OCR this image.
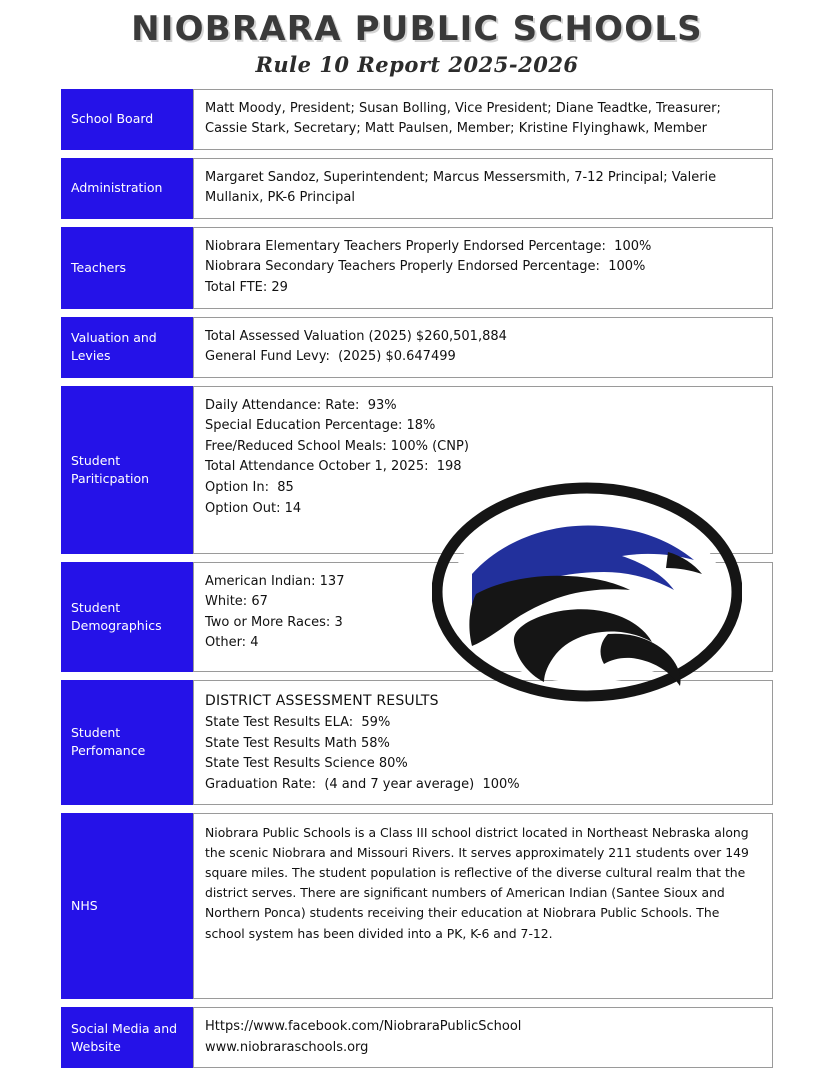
NIOBRARA PUBLIC SCHOOLS
Rule 10 Report 2025-2026
School Board

Matt Moody, President; Susan Bolling, Vice President; Diane Teadtke, Treasurer; Cassie Stark, Secretary; Matt Paulsen, Member; Kristine Flyinghawk, Member

Administration

Margaret Sandoz, Superintendent; Marcus Messersmith, 7-12 Principal; Valerie Mullanix, PK-6 Principal

Teachers
Niobrara Elementary Teachers Properly Endorsed Percentage:  100%
Niobrara Secondary Teachers Properly Endorsed Percentage:  100%
Total FTE: 29
Valuation and Levies
Total Assessed Valuation (2025) $260,501,884
General Fund Levy:  (2025) $0.647499
Student Pariticpation
Daily Attendance: Rate:  93%
Special Education Percentage: 18%
Free/Reduced School Meals: 100% (CNP)
Total Attendance October 1, 2025:  198
Option In:  85
Option Out: 14
Student Demographics
American Indian: 137
White: 67
Two or More Races: 3
Other: 4
Student Perfomance
DISTRICT ASSESSMENT RESULTS
State Test Results ELA:  59%
State Test Results Math 58%
State Test Results Science 80%
Graduation Rate:  (4 and 7 year average)  100%
NHS

Niobrara Public Schools is a Class III school district located in Northeast Nebraska along the scenic Niobrara and Missouri Rivers. It serves approximately 211 students over 149 square miles. The student population is reflective of the diverse cultural realm that the district serves. There are significant numbers of American Indian (Santee Sioux and Northern Ponca) students receiving their education at Niobrara Public Schools. The school system has been divided into a PK, K-6 and 7-12.

Social Media and Website
Https://www.facebook.com/NiobraraPublicSchool
www.niobraraschools.org
